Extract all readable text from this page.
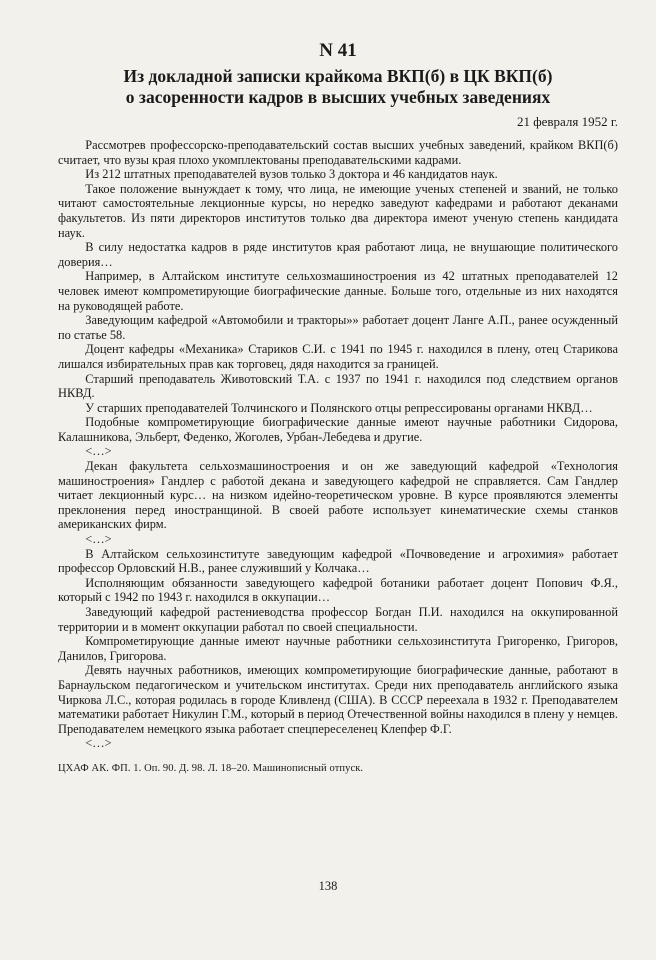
N 41
Из докладной записки крайкома ВКП(б) в ЦК ВКП(б)
о засоренности кадров в высших учебных заведениях
21 февраля 1952 г.

Рассмотрев профессорско-преподавательский состав высших учебных заведений, крайком ВКП(б) считает, что вузы края плохо укомплектованы преподавательскими кадрами.

Из 212 штатных преподавателей вузов только 3 доктора и 46 кандидатов наук.

Такое положение вынуждает к тому, что лица, не имеющие ученых степеней и званий, не только читают самостоятельные лекционные курсы, но нередко заведуют кафедрами и работают деканами факультетов. Из пяти директоров институтов только два директора имеют ученую степень кандидата наук.

В силу недостатка кадров в ряде институтов края работают лица, не внушающие политического доверия…

Например, в Алтайском институте сельхозмашиностроения из 42 штатных преподавателей 12 человек имеют компрометирующие биографические данные. Больше того, отдельные из них находятся на руководящей работе.

Заведующим кафедрой «Автомобили и тракторы»» работает доцент Ланге А.П., ранее осужденный по статье 58.

Доцент кафедры «Механика» Стариков С.И. с 1941 по 1945 г. находился в плену, отец Старикова лишался избирательных прав как торговец, дядя находится за границей.

Старший преподаватель Животовский Т.А. с 1937 по 1941 г. находился под следствием органов НКВД.

У старших преподавателей Толчинского и Полянского отцы репрессированы органами НКВД…

Подобные компрометирующие биографические данные имеют научные работники Сидорова, Калашникова, Эльберт, Феденко, Жоголев, Урбан-Лебедева и другие.

<…>

Декан факультета сельхозмашиностроения и он же заведующий кафедрой «Технология машиностроения» Гандлер с работой декана и заведующего кафедрой не справляется. Сам Гандлер читает лекционный курс… на низком идейно-теоретическом уровне. В курсе проявляются элементы преклонения перед иностранщиной. В своей работе использует кинематические схемы станков американских фирм.

<…>

В Алтайском сельхозинституте заведующим кафедрой «Почвоведение и агрохимия» работает профессор Орловский Н.В., ранее служивший у Колчака…

Исполняющим обязанности заведующего кафедрой ботаники работает доцент Попович Ф.Я., который с 1942 по 1943 г. находился в оккупации…

Заведующий кафедрой растениеводства профессор Богдан П.И. находился на оккупированной территории и в момент оккупации работал по своей специальности.

Компрометирующие данные имеют научные работники сельхозинститута Григоренко, Григоров, Данилов, Григорова.

Девять научных работников, имеющих компрометирующие биографические данные, работают в Барнаульском педагогическом и учительском институтах. Среди них преподаватель английского языка Чиркова Л.С., которая родилась в городе Кливленд (США). В СССР переехала в 1932 г. Преподавателем математики работает Никулин Г.М., который в период Отечественной войны находился в плену у немцев. Преподавателем немецкого языка работает спецпереселенец Клепфер Ф.Г.

<…>

ЦХАФ АК. ФП. 1. Оп. 90. Д. 98. Л. 18–20. Машинописный отпуск.
138
